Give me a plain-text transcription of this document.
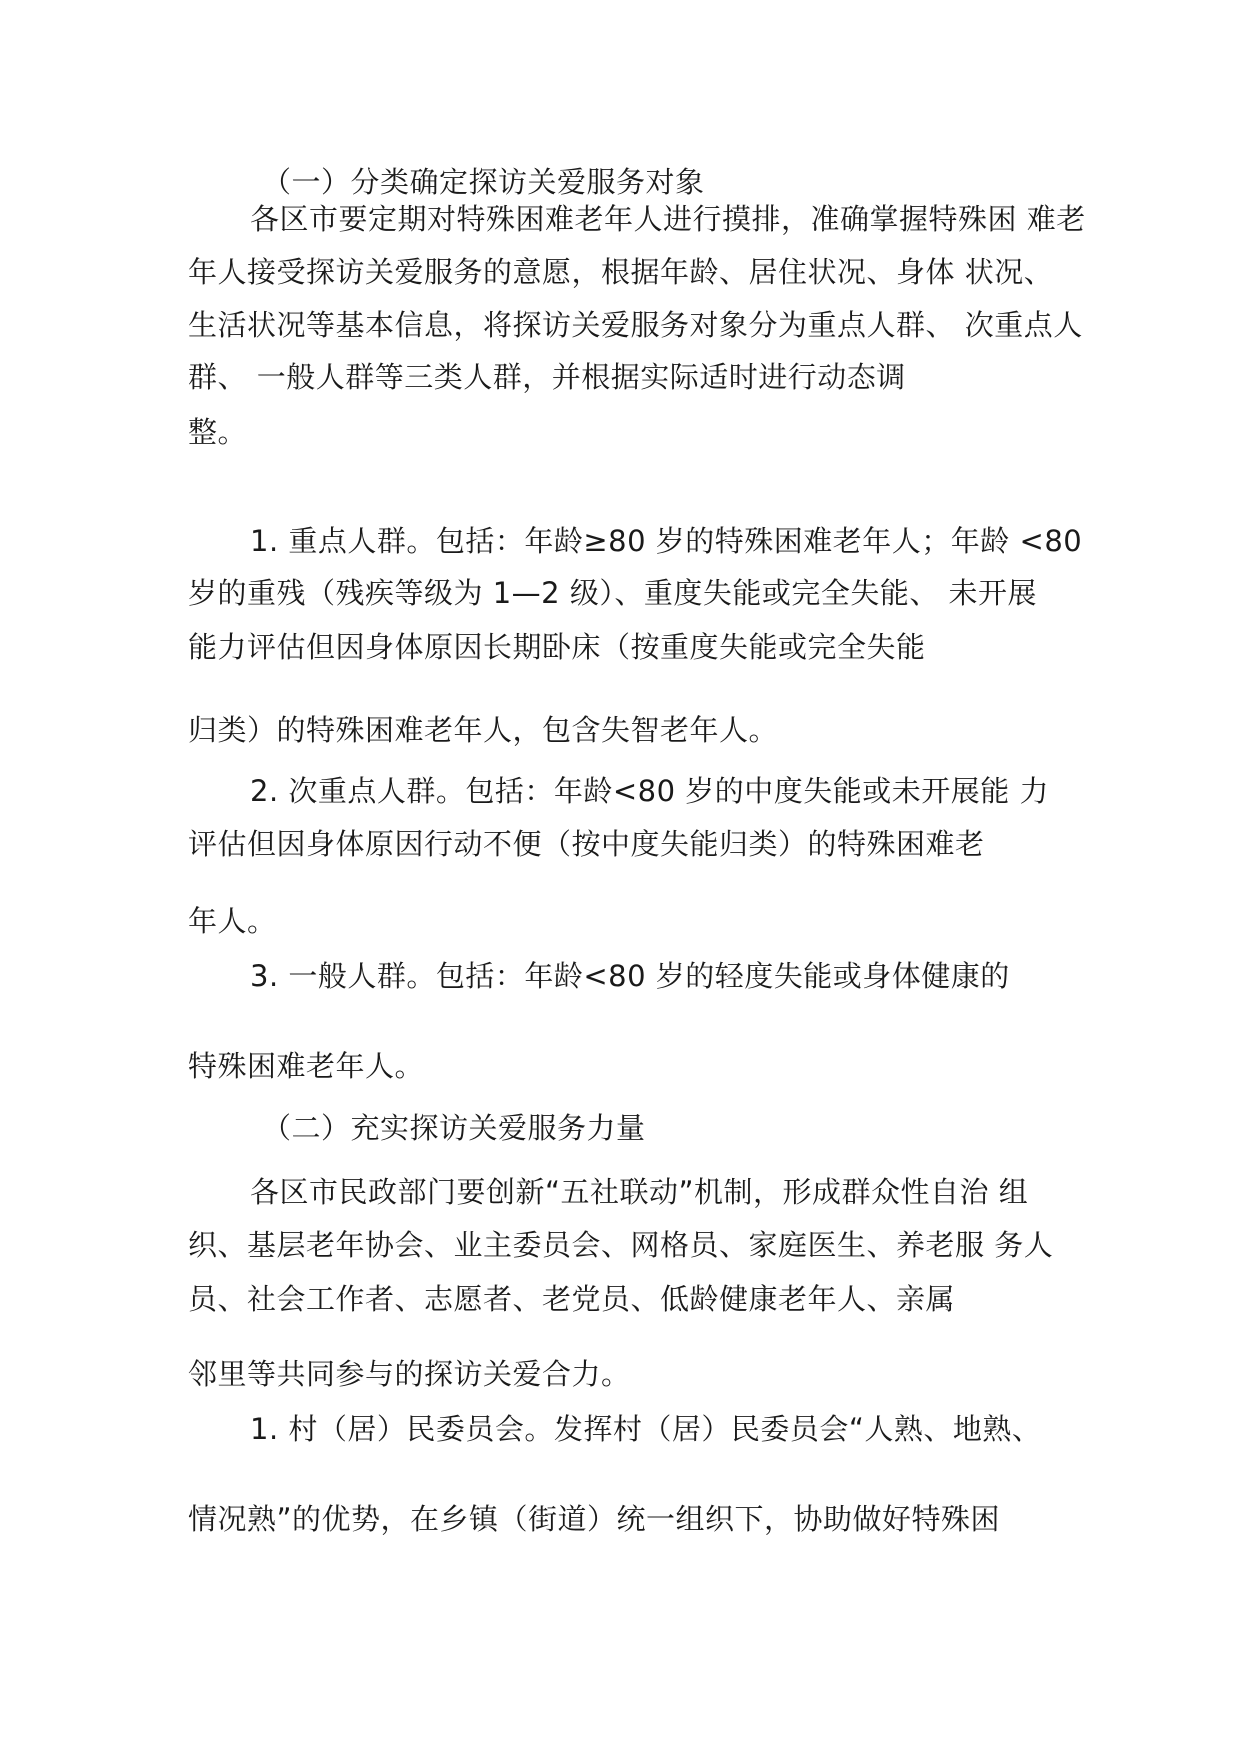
（一）分类确定探访关爱服务对象
各区市要定期对特殊困难老年人进行摸排，准确掌握特殊困 难老
年人接受探访关爱服务的意愿，根据年龄、居住状况、身体 状况、
生活状况等基本信息，将探访关爱服务对象分为重点人群、 次重点人
群、 一般人群等三类人群，并根据实际适时进行动态调
整。
1. 重点人群。包括：年龄≥80 岁的特殊困难老年人；年龄 <80
岁的重残（残疾等级为 1—2 级）、重度失能或完全失能、 未开展
能力评估但因身体原因长期卧床（按重度失能或完全失能
归类）的特殊困难老年人，包含失智老年人。
2. 次重点人群。包括：年龄<80 岁的中度失能或未开展能 力
评估但因身体原因行动不便（按中度失能归类）的特殊困难老
年人。
3. 一般人群。包括：年龄<80 岁的轻度失能或身体健康的
特殊困难老年人。
（二）充实探访关爱服务力量
各区市民政部门要创新“五社联动”机制，形成群众性自治 组
织、基层老年协会、业主委员会、网格员、家庭医生、养老服 务人
员、社会工作者、志愿者、老党员、低龄健康老年人、亲属
邻里等共同参与的探访关爱合力。
1. 村（居）民委员会。发挥村（居）民委员会“人熟、地熟、
情况熟”的优势，在乡镇（街道）统一组织下，协助做好特殊困
